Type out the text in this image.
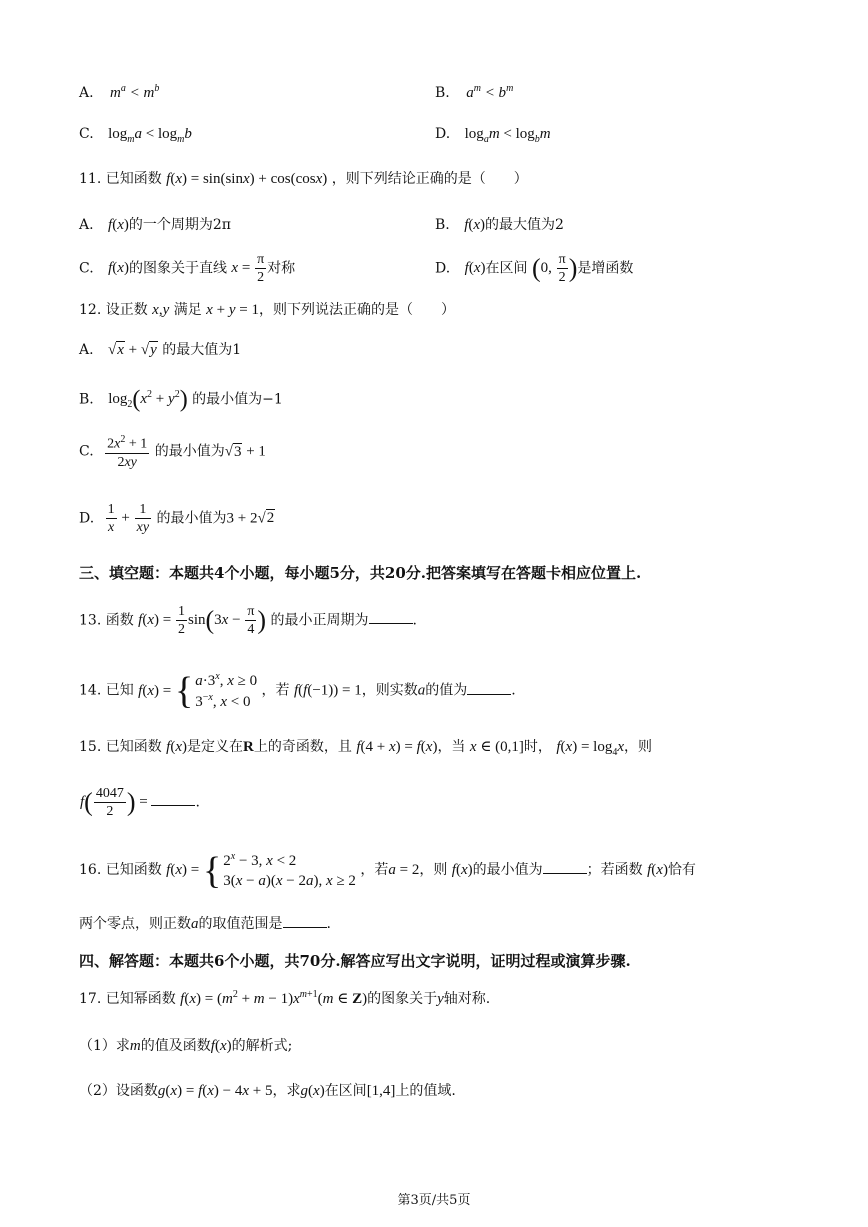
A. $m^a < m^b$	B. $a^m < b^m$
C. $\log_ma < \log_mb$	D. $\log_am < \log_bm$
11. 已知函数 f(x) = sin(sinx) + cos(cosx) ，则下列结论正确的是（　　）
A. f(x)的一个周期为2π	B. f(x)的最大值为2
C. f(x)的图象关于直线 $x = \frac{\pi}{2}$ 对称	D. f(x)在区间 (0, $\frac{\pi}{2}$ )是增函数
12. 设正数 x,y 满足 x + y = 1，则下列说法正确的是（　　）
A. √x + √y 的最大值为1
B. $\log_2(x^2 + y^2)$ 的最小值为−1
C. $\frac{2x^2 + 1}{2xy}$ 的最小值为√3 + 1
D. $\frac{1}{x} + \frac{1}{xy}$ 的最小值为3 + 2√2
三、填空题：本题共4个小题，每小题5分，共20分.把答案填写在答题卡相应位置上.
13. 函数 $f(x) = \frac{1}{2} \sin(3x - \frac{\pi}{4}$ ) 的最小正周期为	.
14. 已知 f(x) = { $a\cdot 3^x$, x ≥ 0
$3^{-x}$, x < 0 ，若 f(f(−1)) = 1，则实数a的值为	.
15. 已知函数 f(x)是定义在R上的奇函数，且 f(4 + x) = f(x)，当 x ∈ (0,1]时， $f(x) = \log_4x$，则
$f( \frac{4047}{2}$ ) =	.
16. 已知函数 f(x) = { $2^x - 3$, x < 2
3(x − a)(x − 2a), x ≥ 2 ，若a = 2，则 f(x)的最小值为	；若函数 f(x)恰有
两个零点，则正数a的取值范围是	.
四、解答题：本题共6个小题，共70分.解答应写出文字说明，证明过程或演算步骤.
17. 已知幂函数 $f(x) = (m^2 + m - 1)x^{m+1}(m$ ∈ Z)的图象关于y轴对称.
（1）求m的值及函数f(x)的解析式;
（2）设函数g(x) = f(x) − 4x + 5，求g(x)在区间[1,4]上的值域.
第3页/共5页
